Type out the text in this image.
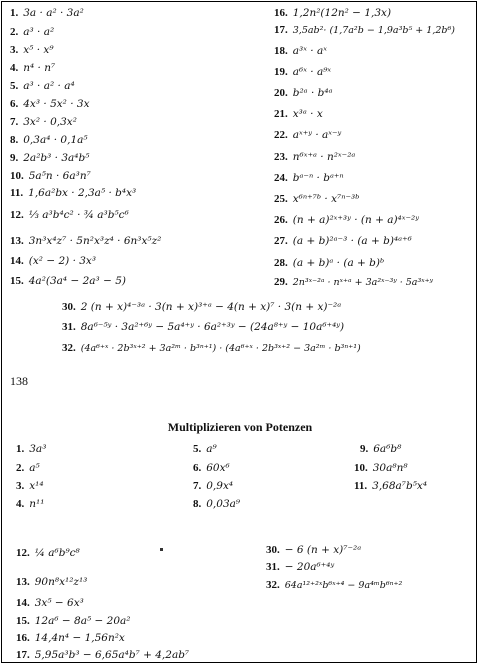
1. 3a · a² · 3a²
2. a³ · a²
3. x⁵ · x⁹
4. n⁴ · n⁷
5. a³ · a² · a⁴
6. 4x³ · 5x² · 3x
7. 3x² · 0,3x²
8. 0,3a⁴ · 0,1a⁵
9. 2a²b³ · 3a⁴b⁵
10. 5a⁵n · 6a³n⁷
11. 1,6a²bx · 2,3a⁵ · b⁴x³
12. ⅓ a³b⁴c² · ¾ a³b⁵c⁶
13. 3n³x⁴z⁷ · 5n²x³z⁴ · 6n³x⁵z²
14. (x² − 2) · 3x³
15. 4a²(3a⁴ − 2a³ − 5)
16. 1,2n²(12n² − 1,3x)
17. 3,5ab²· (1,7a²b − 1,9a³b⁵ + 1,2b⁶)
18. a³ˣ · aˣ
19. a⁶ˣ · a⁹ˣ
20. b²ᵃ · b⁴ᵃ
21. x³ᵃ · x
22. aˣ⁺ʸ · aˣ⁻ʸ
23. n⁶ˣ⁺ᵃ · n²ˣ⁻²ᵃ
24. bᵃ⁻ⁿ · bᵃ⁺ⁿ
25. x⁶ⁿ⁺⁷ᵇ · x⁷ⁿ⁻³ᵇ
26. (n + a)²ˣ⁺³ʸ · (n + a)⁴ˣ⁻²ʸ
27. (a + b)²ᵃ⁻³ · (a + b)⁴ᵃ⁺⁶
28. (a + b)ᵃ · (a + b)ᵇ
29. 2n³ˣ⁻²ᵃ · nˣ⁺ᵃ + 3a²ˣ⁻³ʸ · 5a³ˣ⁺ʸ
30. 2 (n + x)⁴⁻³ᵃ · 3(n + x)³⁺ᵃ − 4(n + x)⁷ · 3(n + x)⁻²ᵃ
31. 8a⁶⁻⁵ʸ · 3a²⁺⁶ʸ − 5a⁴⁺ʸ · 6a²⁺³ʸ − (24a⁸⁺ʸ − 10a⁶⁺⁴ʸ)
32. (4a⁶⁺ˣ · 2b³ˣ⁺² + 3a²ᵐ · b³ⁿ⁺¹) · (4a⁶⁺ˣ · 2b³ˣ⁺² − 3a²ᵐ · b³ⁿ⁺¹)
138
Multiplizieren von Potenzen
1. 3a³
2. a⁵
3. x¹⁴
4. n¹¹
5. a⁹
6. 60x⁶
7. 0,9x⁴
8. 0,03a⁹
9. 6a⁶b⁸
10. 30a⁸n⁸
11. 3,68a⁷b⁵x⁴
12. ¼ a⁶b⁹c⁸
13. 90n⁸x¹²z¹³
14. 3x⁵ − 6x³
15. 12a⁶ − 8a⁵ − 20a²
16. 14,4n⁴ − 1,56n²x
17. 5,95a³b³ − 6,65a⁴b⁷ + 4,2ab⁷
30. − 6 (n + x)⁷⁻²ᵃ
31. − 20a⁶⁺⁴ʸ
32. 64a¹²⁺²ˣb⁶ˣ⁺⁴ − 9a⁴ᵐb⁶ⁿ⁺²
